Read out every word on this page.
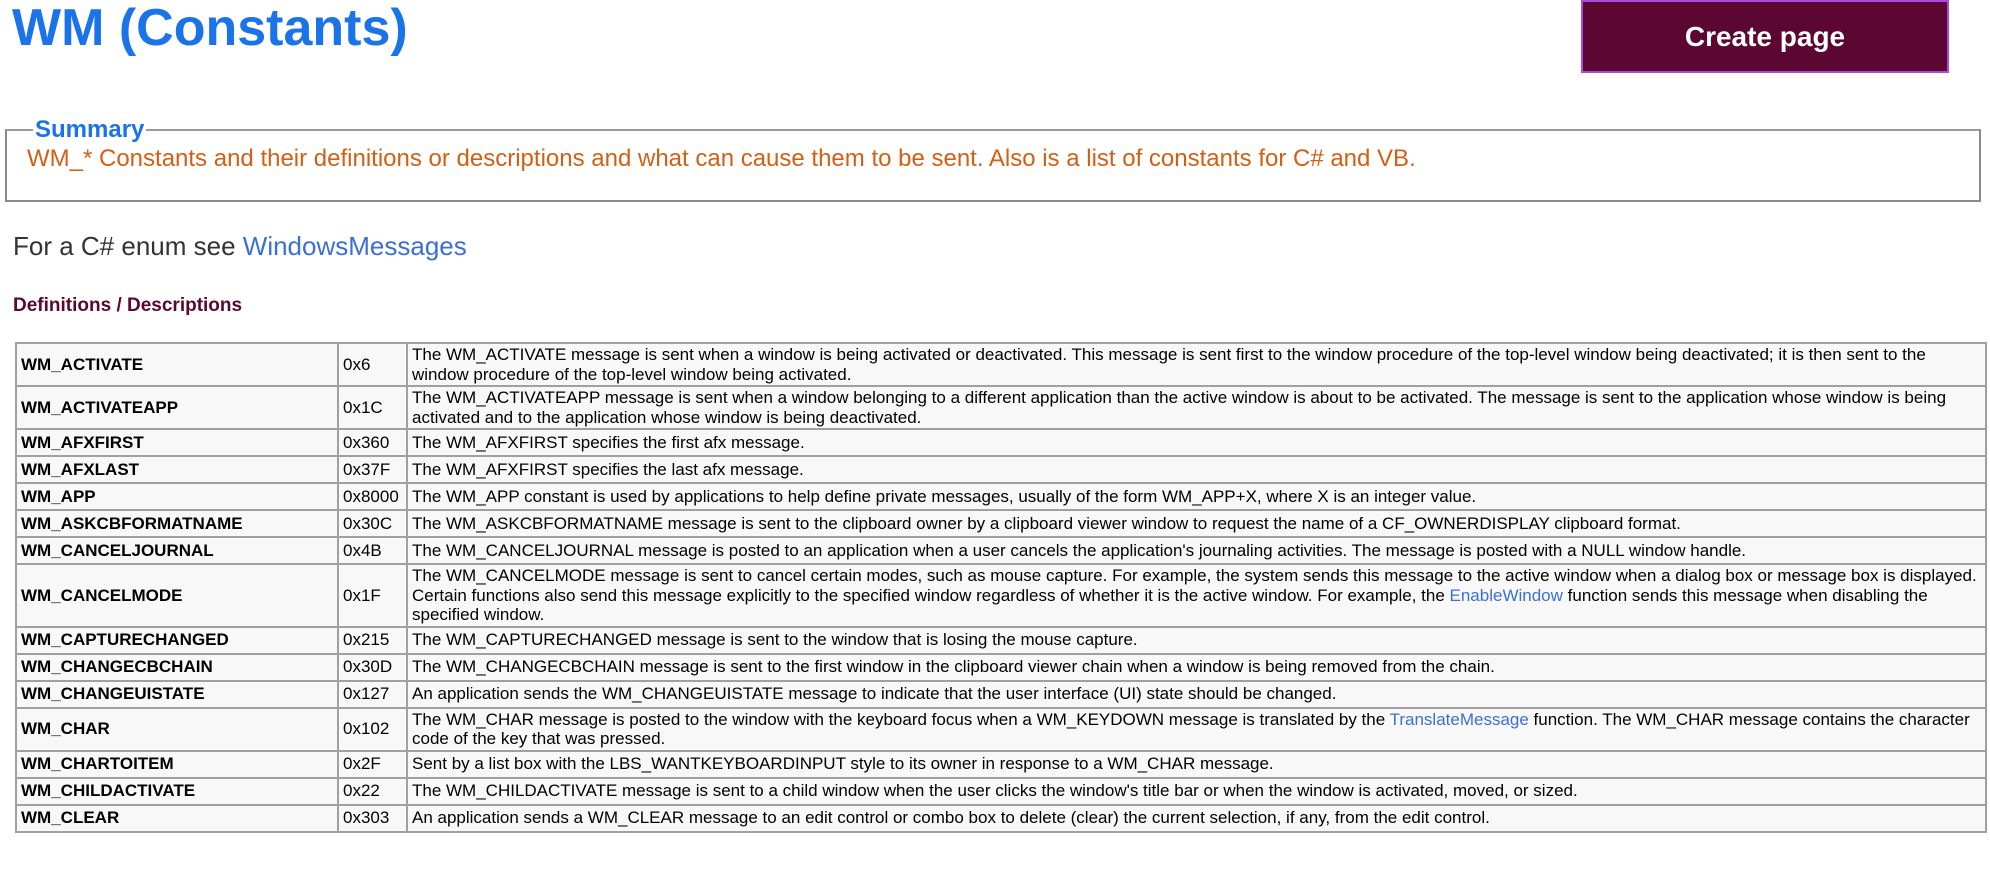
WM (Constants)	Create page
Summary

WM_* Constants and their definitions or descriptions and what can cause them to be sent. Also is a list of constants for C# and VB.

For a C# enum see WindowsMessages

Definitions / Descriptions
WM_ACTIVATE	0x6	The WM_ACTIVATE message is sent when a window is being activated or deactivated. This message is sent first to the window procedure of the top-level window being deactivated; it is then sent to the window procedure of the top-level window being activated.
WM_ACTIVATEAPP	0x1C	The WM_ACTIVATEAPP message is sent when a window belonging to a different application than the active window is about to be activated. The message is sent to the application whose window is being activated and to the application whose window is being deactivated.
WM_AFXFIRST	0x360	The WM_AFXFIRST specifies the first afx message.
WM_AFXLAST	0x37F	The WM_AFXFIRST specifies the last afx message.
WM_APP	0x8000	The WM_APP constant is used by applications to help define private messages, usually of the form WM_APP+X, where X is an integer value.
WM_ASKCBFORMATNAME	0x30C	The WM_ASKCBFORMATNAME message is sent to the clipboard owner by a clipboard viewer window to request the name of a CF_OWNERDISPLAY clipboard format.
WM_CANCELJOURNAL	0x4B	The WM_CANCELJOURNAL message is posted to an application when a user cancels the application's journaling activities. The message is posted with a NULL window handle.
WM_CANCELMODE	0x1F	The WM_CANCELMODE message is sent to cancel certain modes, such as mouse capture. For example, the system sends this message to the active window when a dialog box or message box is displayed. Certain functions also send this message explicitly to the specified window regardless of whether it is the active window. For example, the EnableWindow function sends this message when disabling the specified window.
WM_CAPTURECHANGED	0x215	The WM_CAPTURECHANGED message is sent to the window that is losing the mouse capture.
WM_CHANGECBCHAIN	0x30D	The WM_CHANGECBCHAIN message is sent to the first window in the clipboard viewer chain when a window is being removed from the chain.
WM_CHANGEUISTATE	0x127	An application sends the WM_CHANGEUISTATE message to indicate that the user interface (UI) state should be changed.
WM_CHAR	0x102	The WM_CHAR message is posted to the window with the keyboard focus when a WM_KEYDOWN message is translated by the TranslateMessage function. The WM_CHAR message contains the character code of the key that was pressed.
WM_CHARTOITEM	0x2F	Sent by a list box with the LBS_WANTKEYBOARDINPUT style to its owner in response to a WM_CHAR message.
WM_CHILDACTIVATE	0x22	The WM_CHILDACTIVATE message is sent to a child window when the user clicks the window's title bar or when the window is activated, moved, or sized.
WM_CLEAR	0x303	An application sends a WM_CLEAR message to an edit control or combo box to delete (clear) the current selection, if any, from the edit control.
